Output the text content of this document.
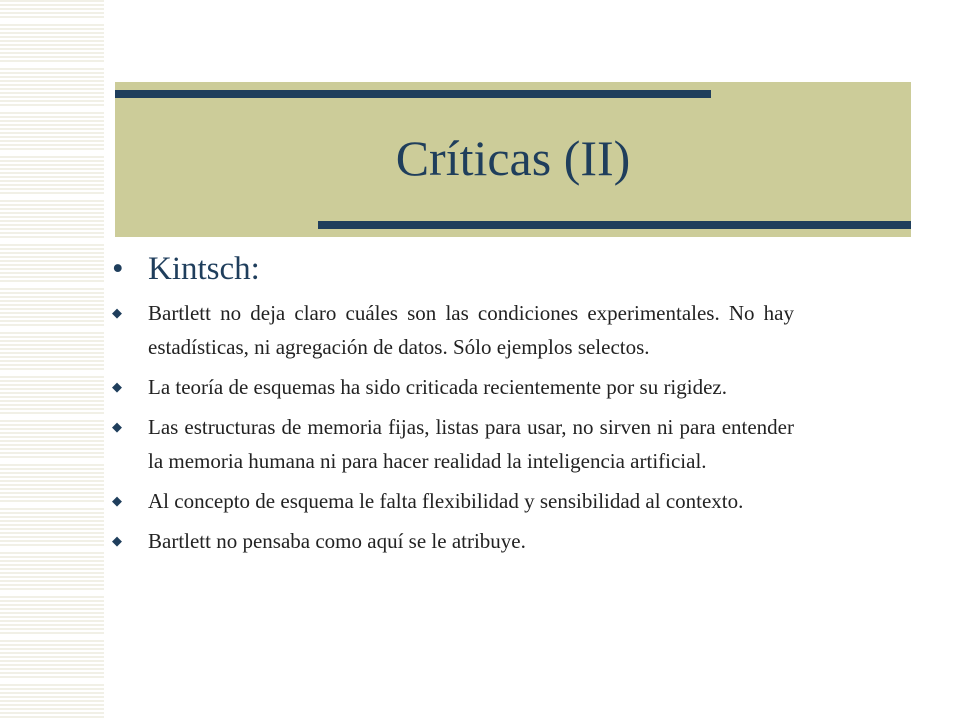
Críticas (II)
• Kintsch:
◆	Bartlett no deja claro cuáles son las condiciones experimentales. No hay estadísticas, ni agregación de datos. Sólo ejemplos selectos.
◆	La teoría de esquemas ha sido criticada recientemente por su rigidez.
◆	Las estructuras de memoria fijas, listas para usar, no sirven ni para entender la memoria humana ni para hacer realidad la inteligencia artificial.
◆	Al concepto de esquema le falta flexibilidad y sensibilidad al contexto.
◆	Bartlett no pensaba como aquí se le atribuye.
